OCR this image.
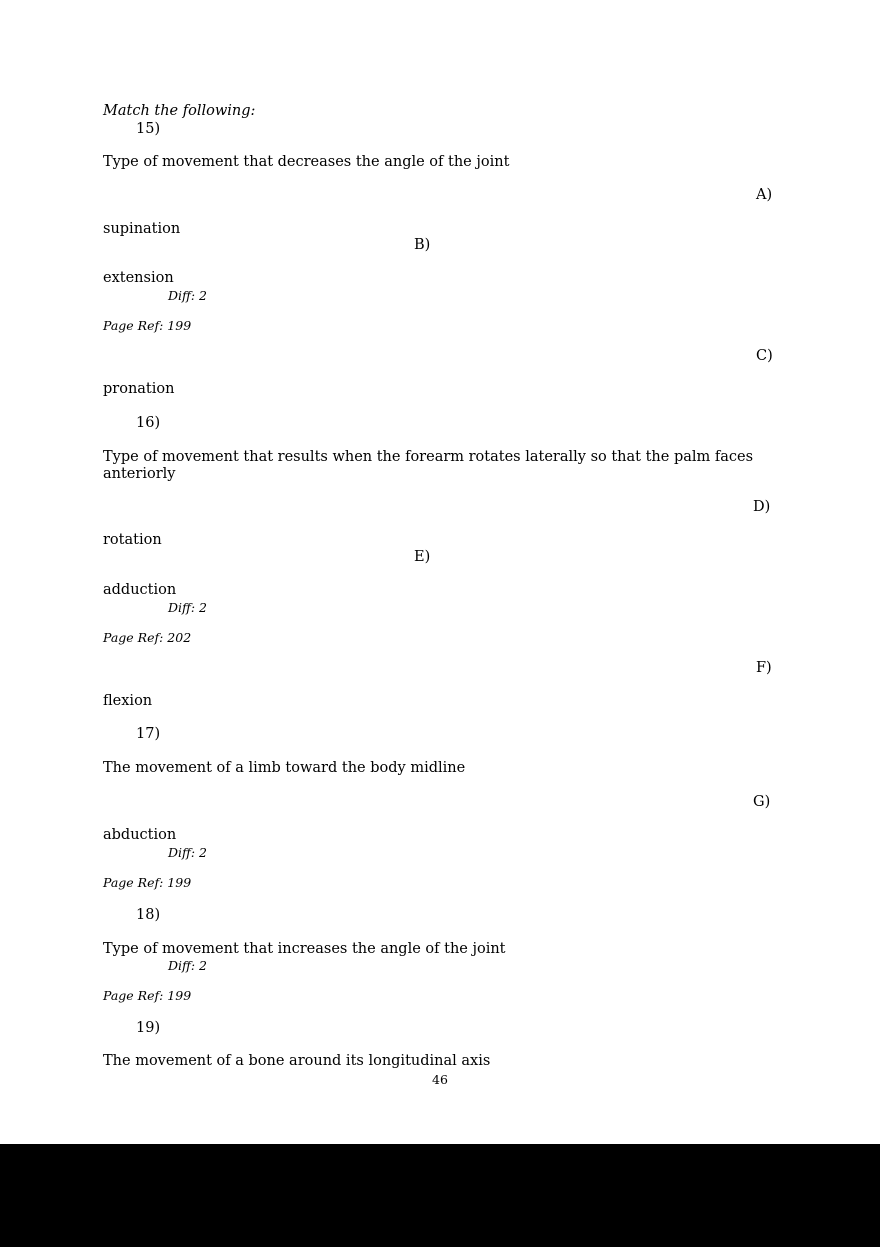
Match the following:
15)
Type of movement that decreases the angle of the joint
A)
supination
B)
extension
Diff: 2
Page Ref: 199
C)
pronation
16)
Type of movement that results when the forearm rotates laterally so that the palm faces anteriorly
D)
rotation
E)
adduction
Diff: 2
Page Ref: 202
F)
flexion
17)
The movement of a limb toward the body midline
G)
abduction
Diff: 2
Page Ref: 199
18)
Type of movement that increases the angle of the joint
Diff: 2
Page Ref: 199
19)
The movement of a bone around its longitudinal axis
46
